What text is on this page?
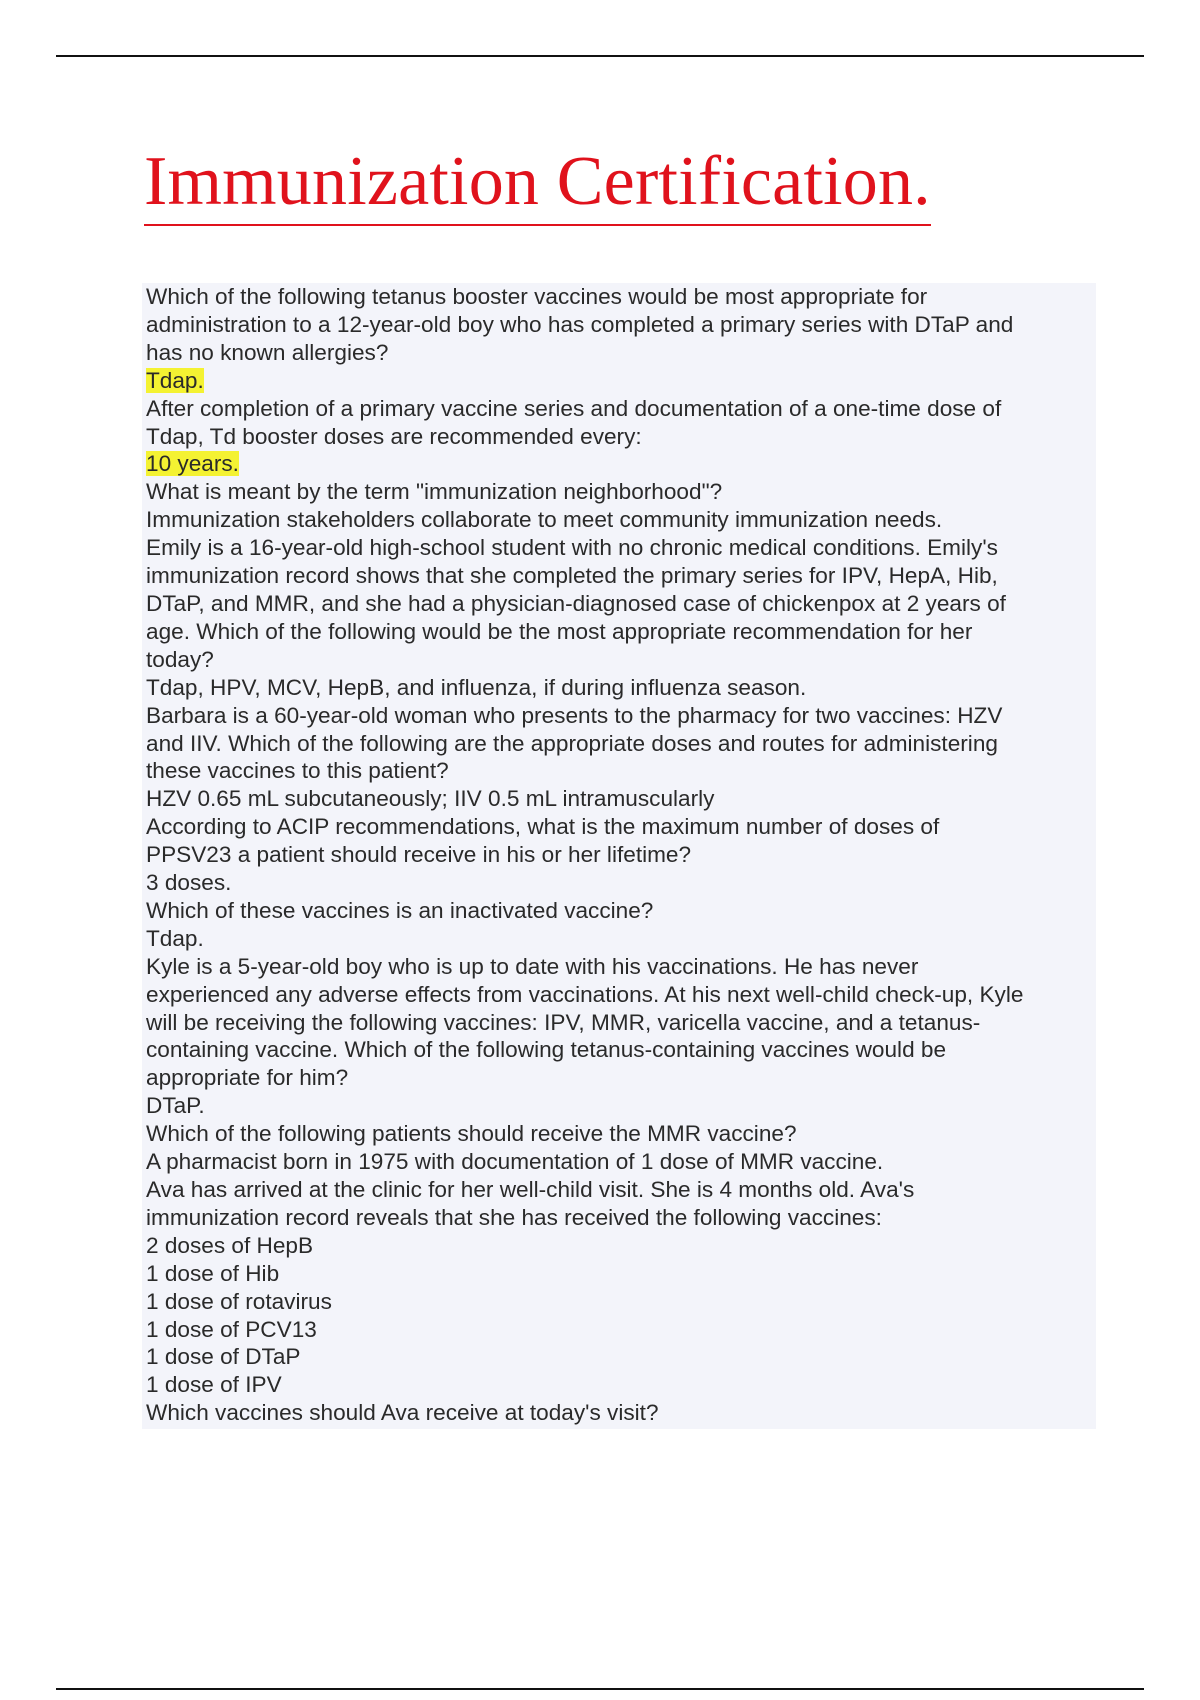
Immunization Certification.
Which of the following tetanus booster vaccines would be most appropriate for
administration to a 12-year-old boy who has completed a primary series with DTaP and
has no known allergies?
Tdap.
After completion of a primary vaccine series and documentation of a one-time dose of
Tdap, Td booster doses are recommended every:
10 years.
What is meant by the term "immunization neighborhood"?
Immunization stakeholders collaborate to meet community immunization needs.
Emily is a 16-year-old high-school student with no chronic medical conditions. Emily's
immunization record shows that she completed the primary series for IPV, HepA, Hib,
DTaP, and MMR, and she had a physician-diagnosed case of chickenpox at 2 years of
age. Which of the following would be the most appropriate recommendation for her
today?
Tdap, HPV, MCV, HepB, and influenza, if during influenza season.
Barbara is a 60-year-old woman who presents to the pharmacy for two vaccines: HZV
and IIV. Which of the following are the appropriate doses and routes for administering
these vaccines to this patient?
HZV 0.65 mL subcutaneously; IIV 0.5 mL intramuscularly
According to ACIP recommendations, what is the maximum number of doses of
PPSV23 a patient should receive in his or her lifetime?
3 doses.
Which of these vaccines is an inactivated vaccine?
Tdap.
Kyle is a 5-year-old boy who is up to date with his vaccinations. He has never
experienced any adverse effects from vaccinations. At his next well-child check-up, Kyle
will be receiving the following vaccines: IPV, MMR, varicella vaccine, and a tetanus-
containing vaccine. Which of the following tetanus-containing vaccines would be
appropriate for him?
DTaP.
Which of the following patients should receive the MMR vaccine?
A pharmacist born in 1975 with documentation of 1 dose of MMR vaccine.
Ava has arrived at the clinic for her well-child visit. She is 4 months old. Ava's
immunization record reveals that she has received the following vaccines:
2 doses of HepB
1 dose of Hib
1 dose of rotavirus
1 dose of PCV13
1 dose of DTaP
1 dose of IPV
Which vaccines should Ava receive at today's visit?
